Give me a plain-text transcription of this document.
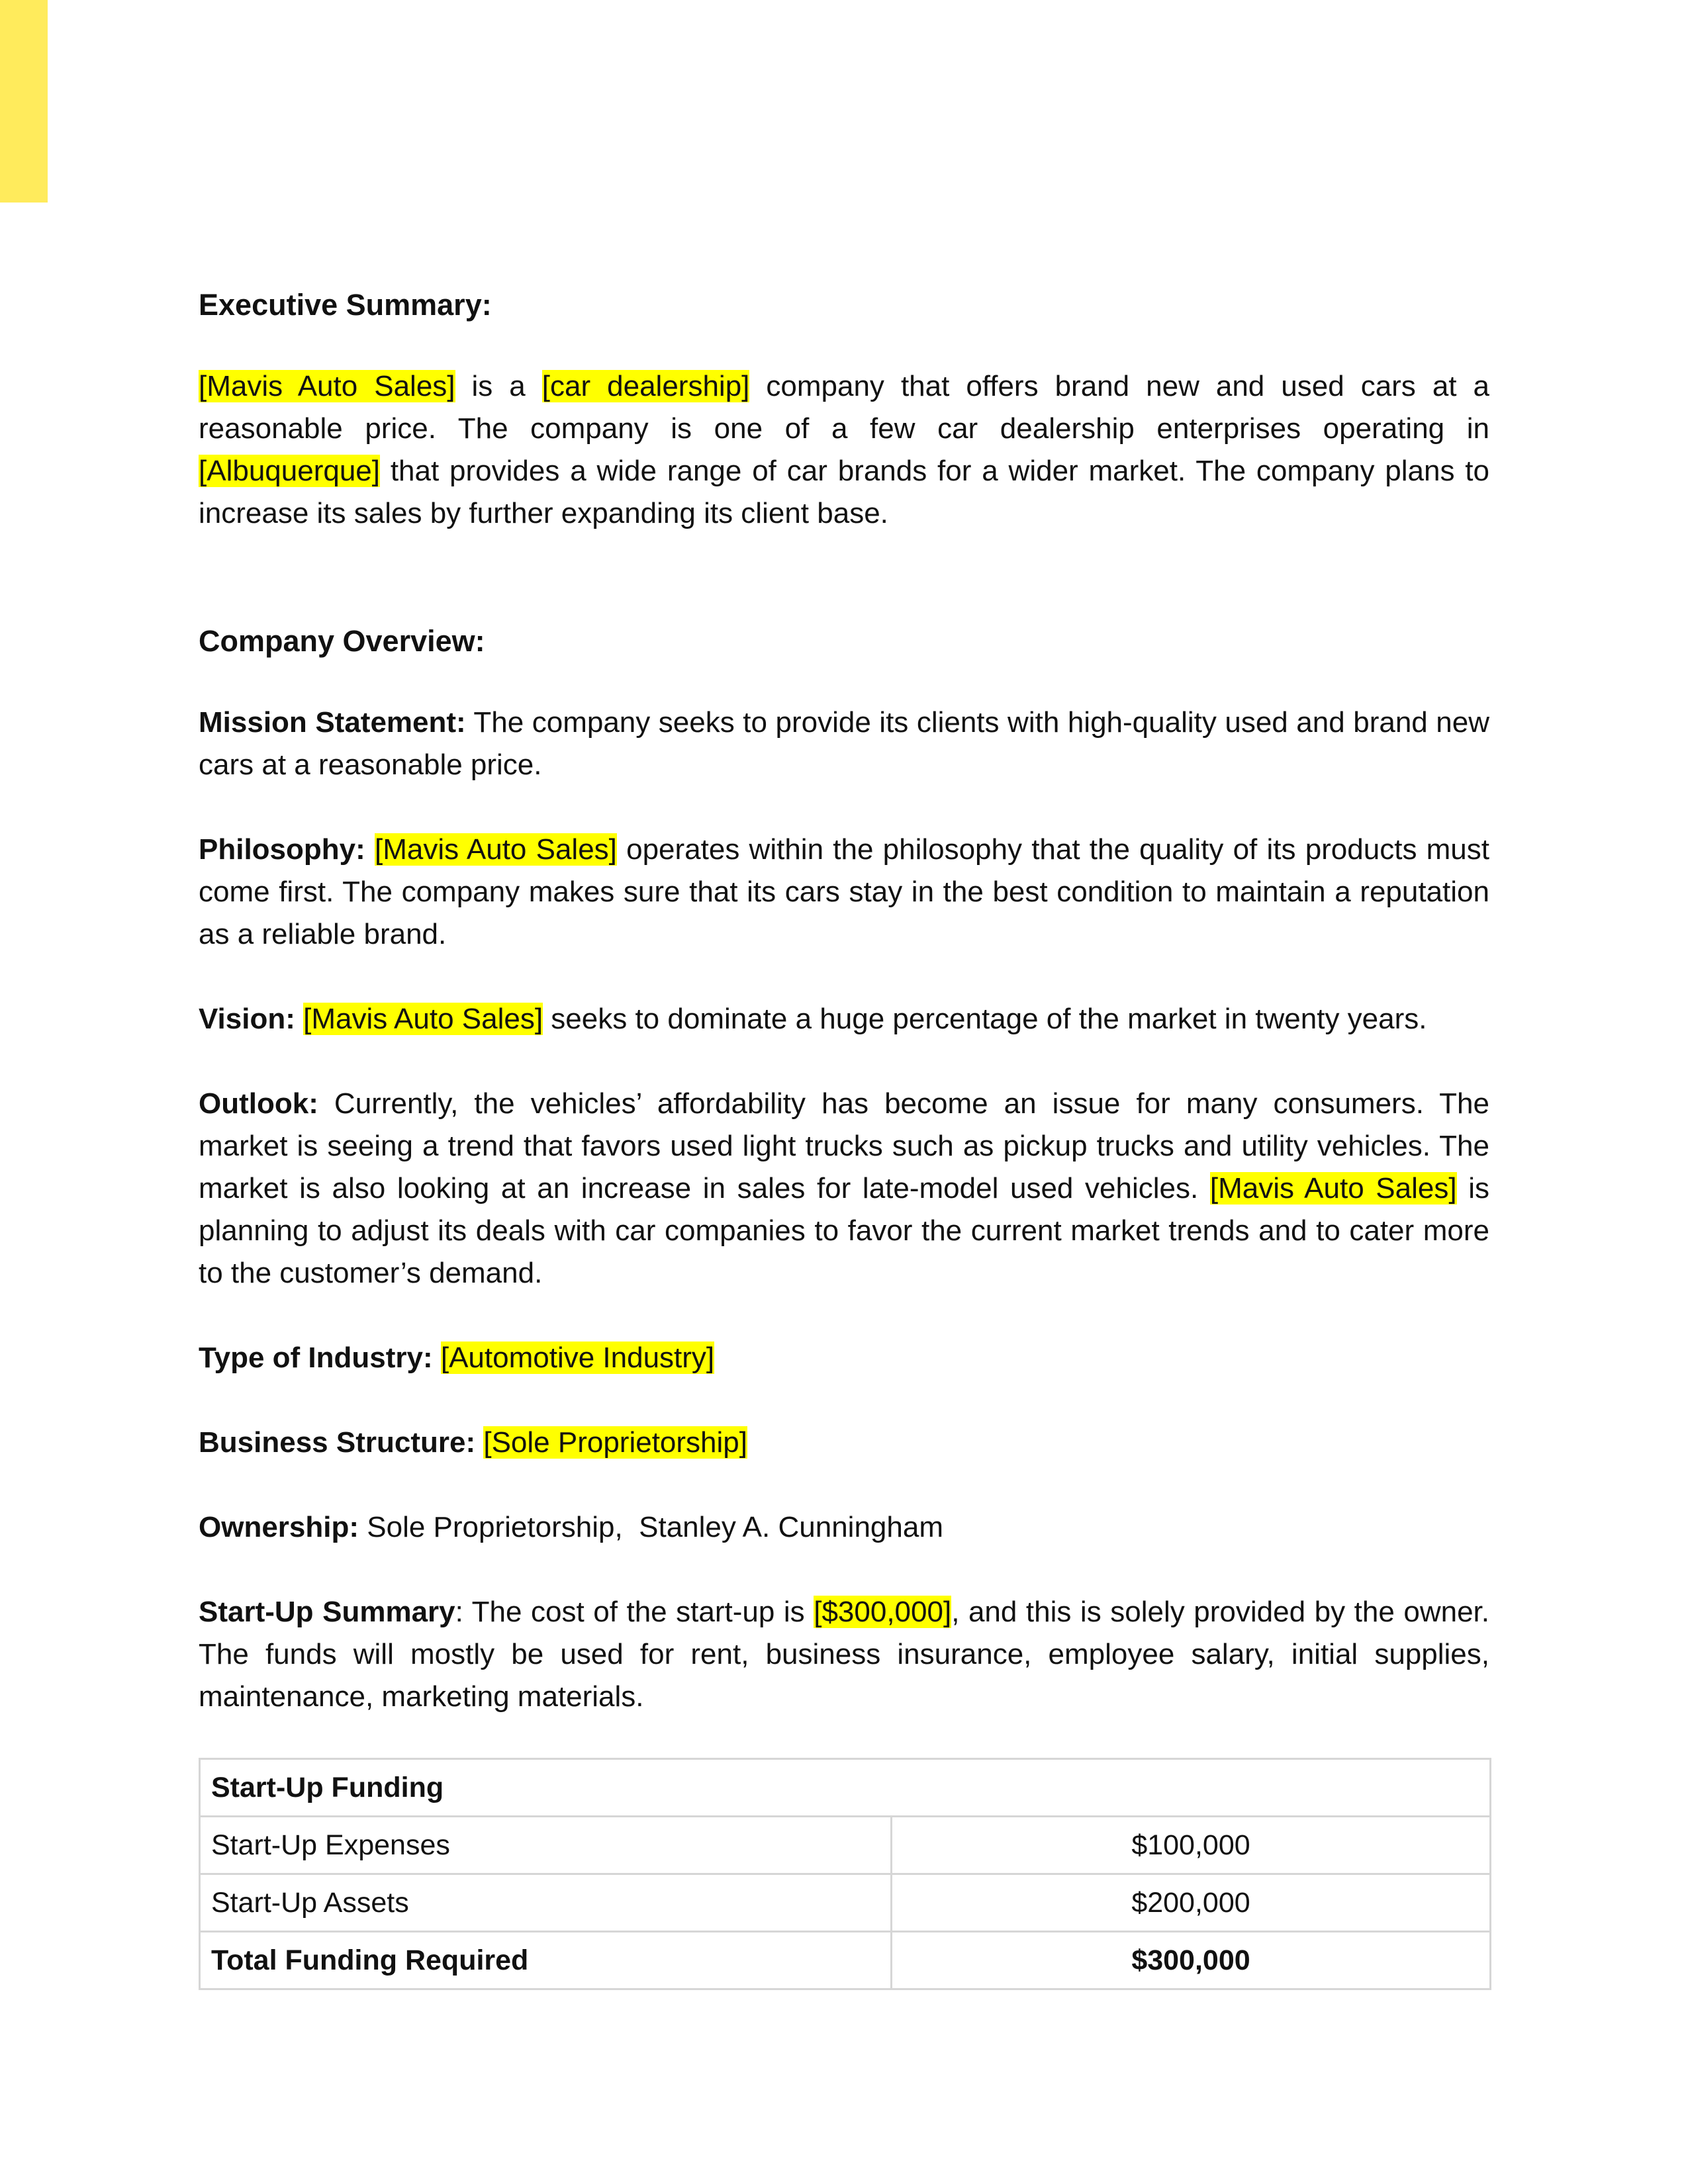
Executive Summary:

[Mavis Auto Sales] is a [car dealership] company that offers brand new and used cars at a reasonable price. The company is one of a few car dealership enterprises operating in [Albuquerque] that provides a wide range of car brands for a wider market. The company plans to increase its sales by further expanding its client base.

Company Overview:

Mission Statement: The company seeks to provide its clients with high-quality used and brand new cars at a reasonable price.

Philosophy: [Mavis Auto Sales] operates within the philosophy that the quality of its products must come first. The company makes sure that its cars stay in the best condition to maintain a reputation as a reliable brand.

Vision: [Mavis Auto Sales] seeks to dominate a huge percentage of the market in twenty years.

Outlook: Currently, the vehicles’ affordability has become an issue for many consumers. The market is seeing a trend that favors used light trucks such as pickup trucks and utility vehicles. The market is also looking at an increase in sales for late-model used vehicles. [Mavis Auto Sales] is planning to adjust its deals with car companies to favor the current market trends and to cater more to the customer’s demand.

Type of Industry: [Automotive Industry]

Business Structure: [Sole Proprietorship]

Ownership: Sole Proprietorship,  Stanley A. Cunningham

Start-Up Summary: The cost of the start-up is [$300,000], and this is solely provided by the owner. The funds will mostly be used for rent, business insurance, employee salary, initial supplies, maintenance, marketing materials.

Start-Up Funding	
Start-Up Expenses	$100,000
Start-Up Assets	$200,000
Total Funding Required	$300,000
